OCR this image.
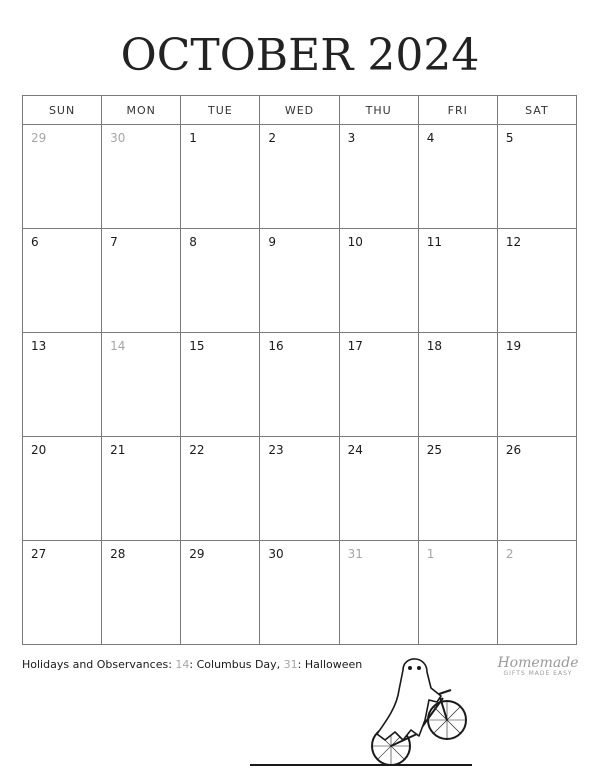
OCTOBER 2024
SUN	MON	TUE	WED	THU	FRI	SAT

29	30	1	2	3	4	5

6	7	8	9	10	11	12

13	14	15	16	17	18	19

20	21	22	23	24	25	26

27	28	29	30	31	1	2
Holidays and Observances: 14: Columbus Day, 31: Halloween	Homemade
GIFTS MADE EASY
